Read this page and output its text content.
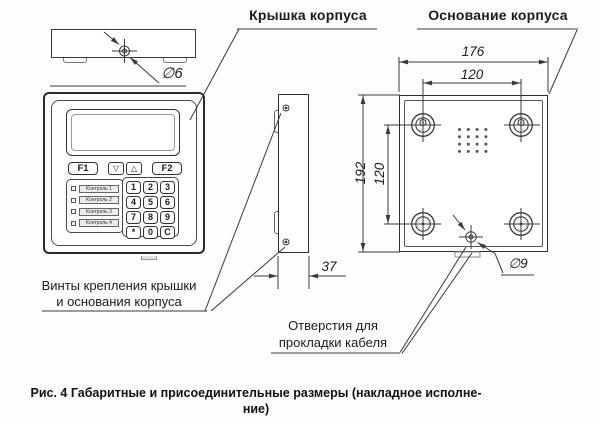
F1	▽	△	F2
Контроль 1
Контроль 2
Контроль 3
Контроль 4
1	2	3
4	5	6
7	8	9
*	0	C
Крышка корпуса	Основание корпуса
∅6
∅9
176
120
192 120
37
Винты крепления крышки
и основания корпуса
Отверстия для
прокладки кабеля
Рис. 4 Габаритные и присоединительные размеры (накладное исполне-
ние)
